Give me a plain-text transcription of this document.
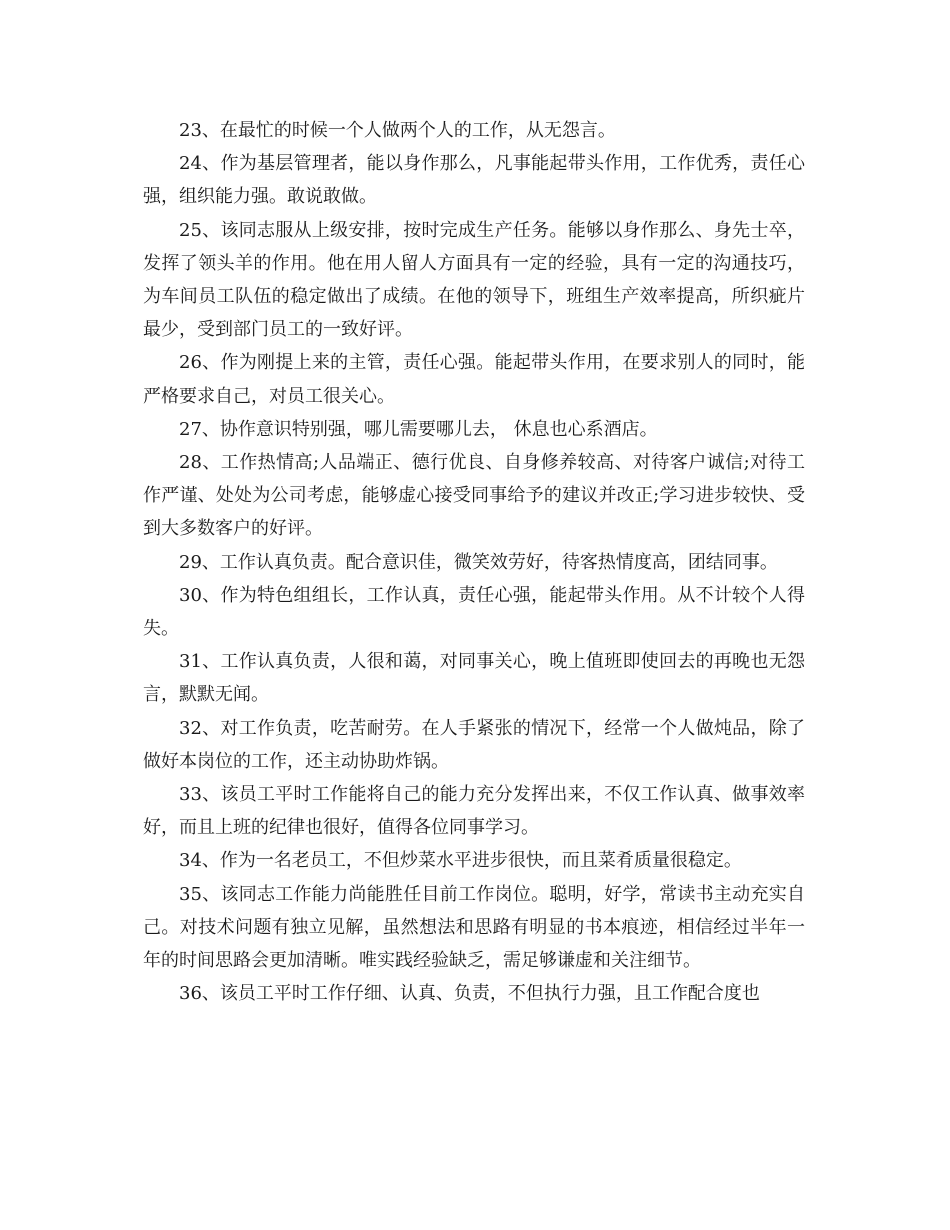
23、在最忙的时候一个人做两个人的工作，从无怨言。

24、作为基层管理者，能以身作那么，凡事能起带头作用，工作优秀，责任心强，组织能力强。敢说敢做。

25、该同志服从上级安排，按时完成生产任务。能够以身作那么、身先士卒，发挥了领头羊的作用。他在用人留人方面具有一定的经验，具有一定的沟通技巧，为车间员工队伍的稳定做出了成绩。在他的领导下，班组生产效率提高，所织疵片最少，受到部门员工的一致好评。

26、作为刚提上来的主管，责任心强。能起带头作用，在要求别人的同时，能严格要求自己，对员工很关心。

27、协作意识特别强，哪儿需要哪儿去， 休息也心系酒店。

28、工作热情高;人品端正、德行优良、自身修养较高、对待客户诚信;对待工作严谨、处处为公司考虑，能够虚心接受同事给予的建议并改正;学习进步较快、受到大多数客户的好评。

29、工作认真负责。配合意识佳，微笑效劳好，待客热情度高，团结同事。

30、作为特色组组长，工作认真，责任心强，能起带头作用。从不计较个人得失。

31、工作认真负责，人很和蔼，对同事关心，晚上值班即使回去的再晚也无怨言，默默无闻。

32、对工作负责，吃苦耐劳。在人手紧张的情况下，经常一个人做炖品，除了做好本岗位的工作，还主动协助炸锅。

33、该员工平时工作能将自己的能力充分发挥出来，不仅工作认真、做事效率好，而且上班的纪律也很好，值得各位同事学习。

34、作为一名老员工，不但炒菜水平进步很快，而且菜肴质量很稳定。

35、该同志工作能力尚能胜任目前工作岗位。聪明，好学，常读书主动充实自己。对技术问题有独立见解，虽然想法和思路有明显的书本痕迹，相信经过半年一年的时间思路会更加清晰。唯实践经验缺乏，需足够谦虚和关注细节。

36、该员工平时工作仔细、认真、负责，不但执行力强，且工作配合度也
